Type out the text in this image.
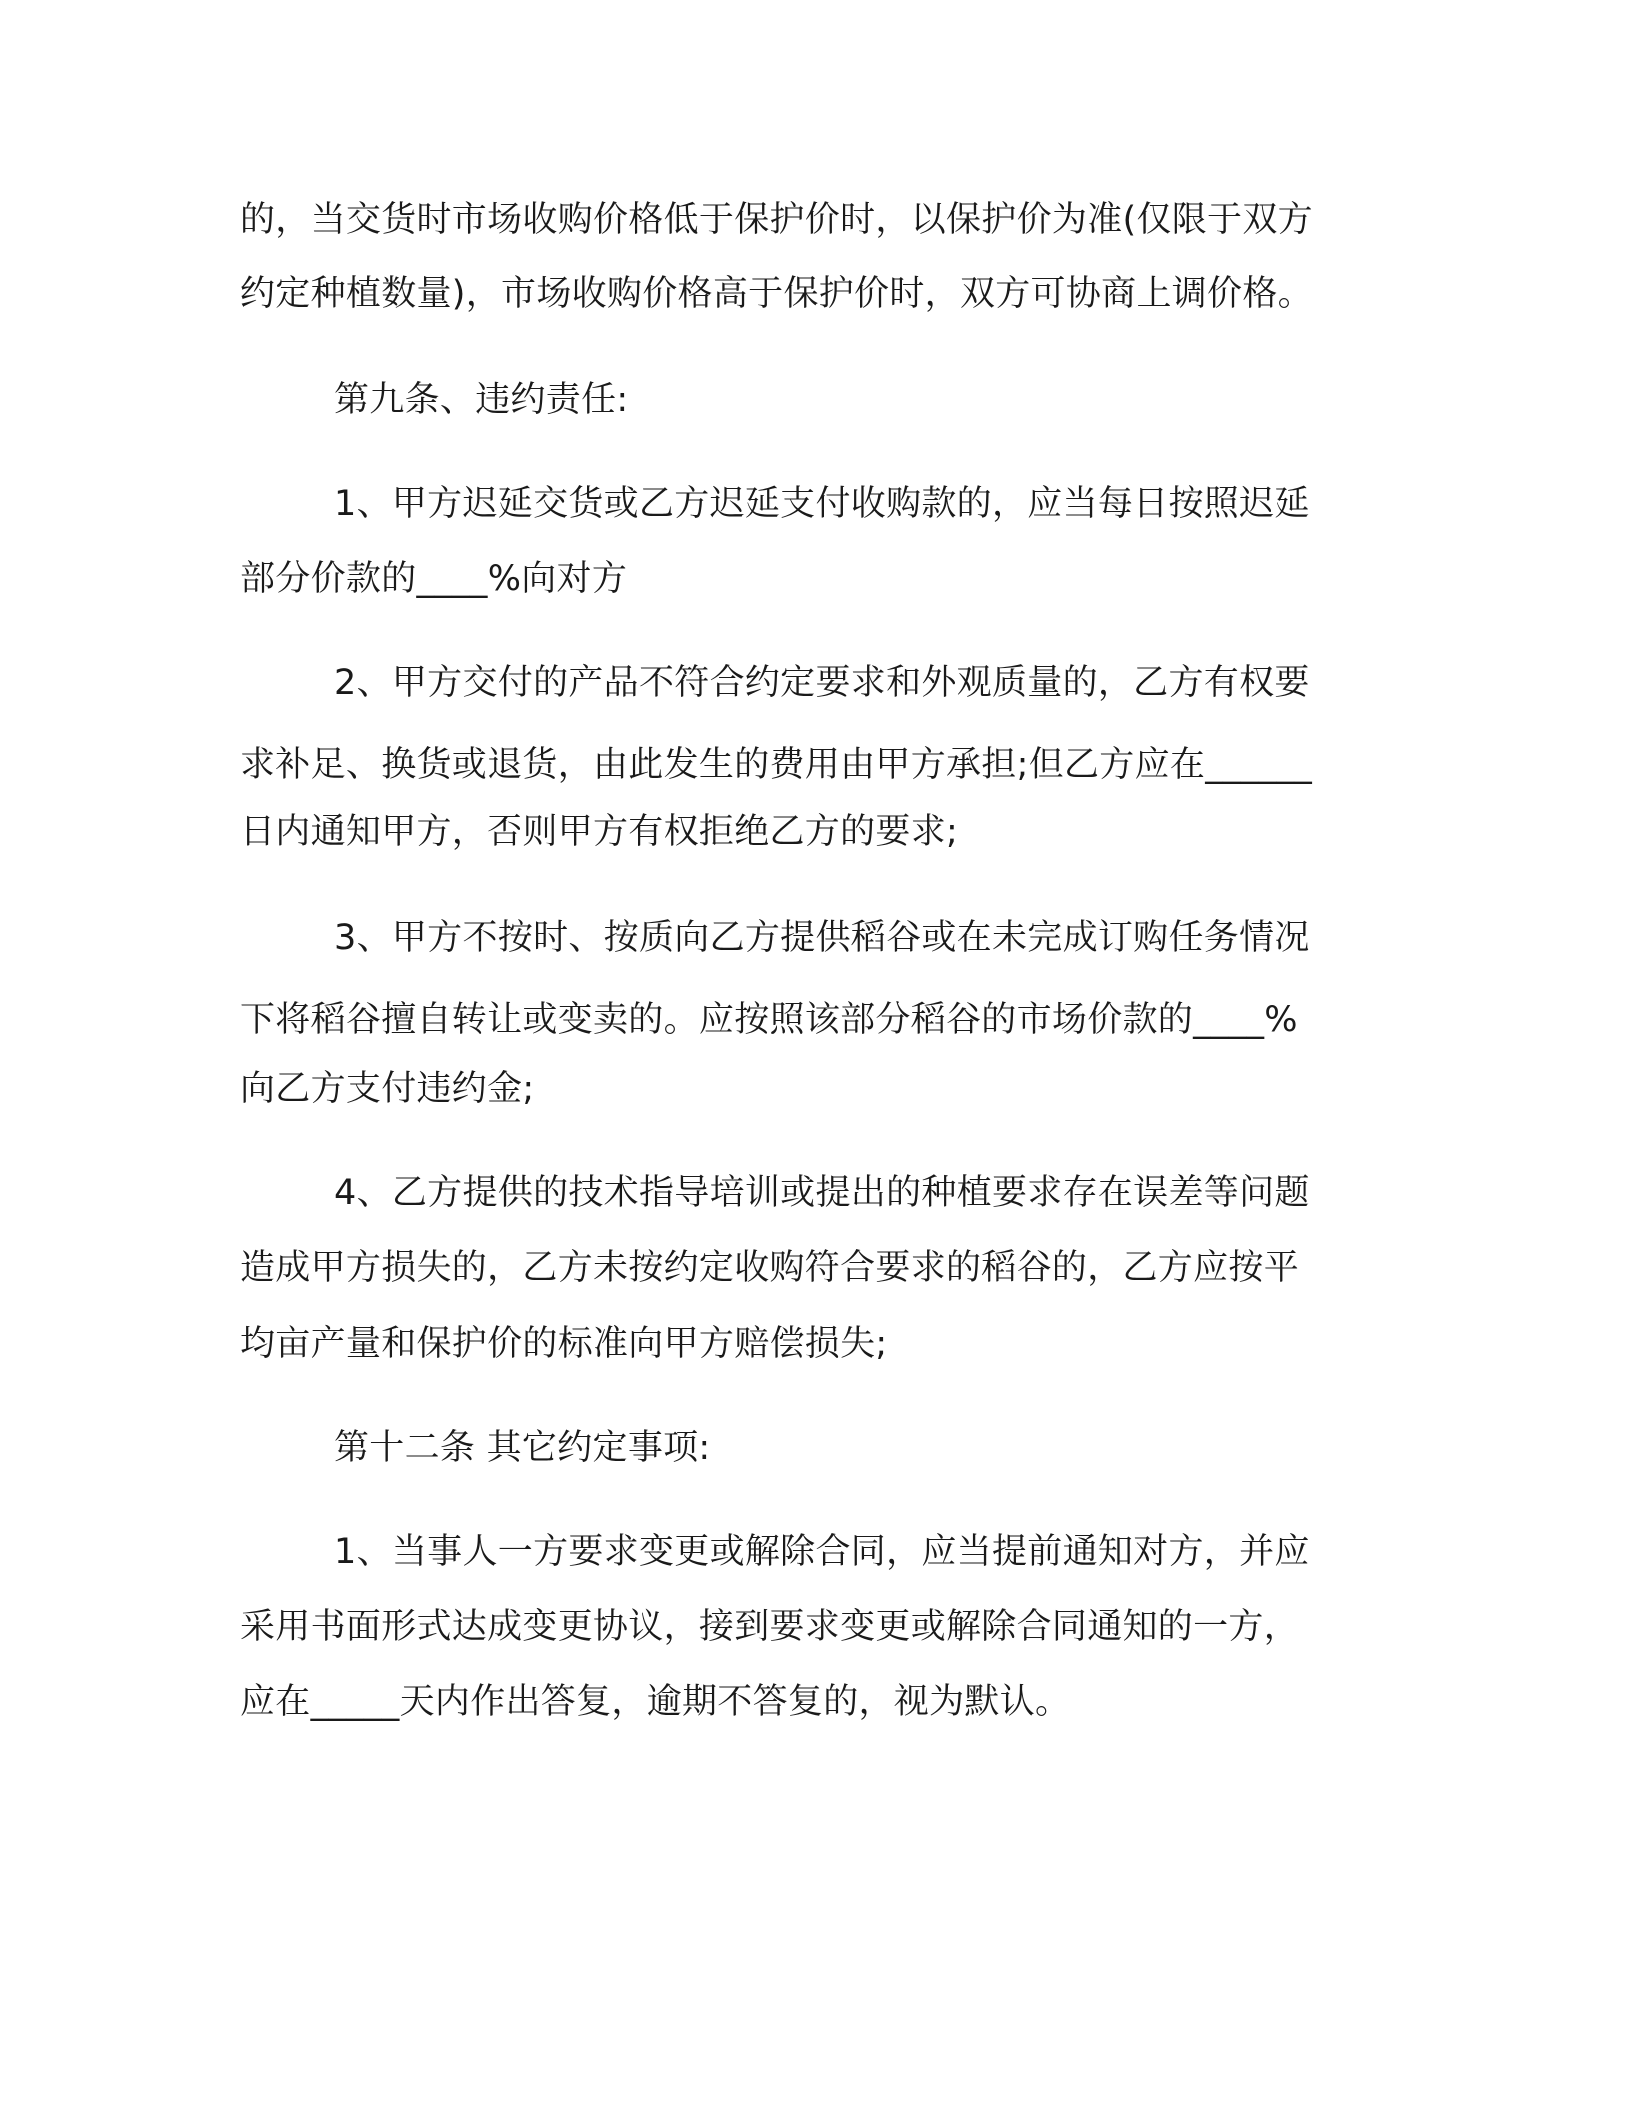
的，当交货时市场收购价格低于保护价时，以保护价为准(仅限于双方
约定种植数量)，市场收购价格高于保护价时，双方可协商上调价格。
第九条、违约责任:
1、甲方迟延交货或乙方迟延支付收购款的，应当每日按照迟延
部分价款的____%向对方
2、甲方交付的产品不符合约定要求和外观质量的，乙方有权要
求补足、换货或退货，由此发生的费用由甲方承担;但乙方应在______
日内通知甲方，否则甲方有权拒绝乙方的要求;
3、甲方不按时、按质向乙方提供稻谷或在未完成订购任务情况
下将稻谷擅自转让或变卖的。应按照该部分稻谷的市场价款的____%
向乙方支付违约金;
4、乙方提供的技术指导培训或提出的种植要求存在误差等问题
造成甲方损失的，乙方未按约定收购符合要求的稻谷的，乙方应按平
均亩产量和保护价的标准向甲方赔偿损失;
第十二条 其它约定事项:
1、当事人一方要求变更或解除合同，应当提前通知对方，并应
采用书面形式达成变更协议，接到要求变更或解除合同通知的一方，
应在_____天内作出答复，逾期不答复的，视为默认。
